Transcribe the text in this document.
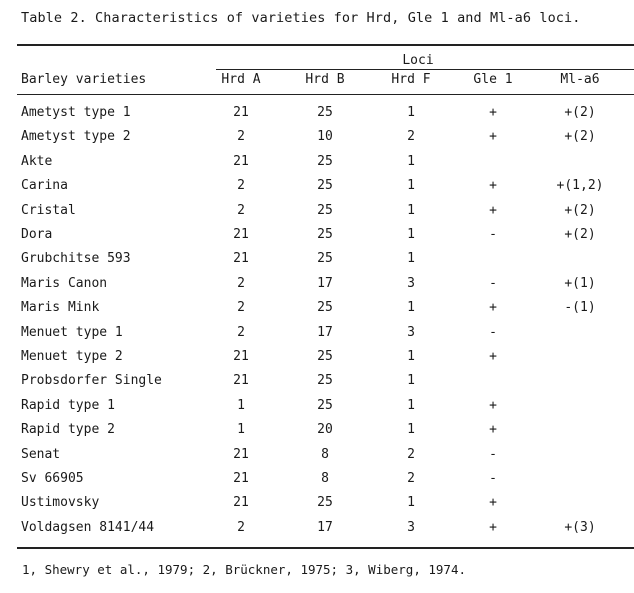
Table 2. Characteristics of varieties for Hrd, Gle 1 and Ml-a6 loci.
Loci
Barley varieties	Hrd A	Hrd B	Hrd F	Gle 1	Ml-a6
Ametyst type 1	21	25	1	+	+(2)
Ametyst type 2	2	10	2	+	+(2)
Akte	21	25	1
Carina	2	25	1	+	+(1,2)
Cristal	2	25	1	+	+(2)
Dora	21	25	1	-	+(2)
Grubchitse 593	21	25	1
Maris Canon	2	17	3	-	+(1)
Maris Mink	2	25	1	+	-(1)
Menuet type 1	2	17	3	-
Menuet type 2	21	25	1	+
Probsdorfer Single	21	25	1
Rapid type 1	1	25	1	+
Rapid type 2	1	20	1	+
Senat	21	8	2	-
Sv 66905	21	8	2	-
Ustimovsky	21	25	1	+
Voldagsen 8141/44	2	17	3	+	+(3)
1, Shewry et al., 1979; 2, Brückner, 1975; 3, Wiberg, 1974.
